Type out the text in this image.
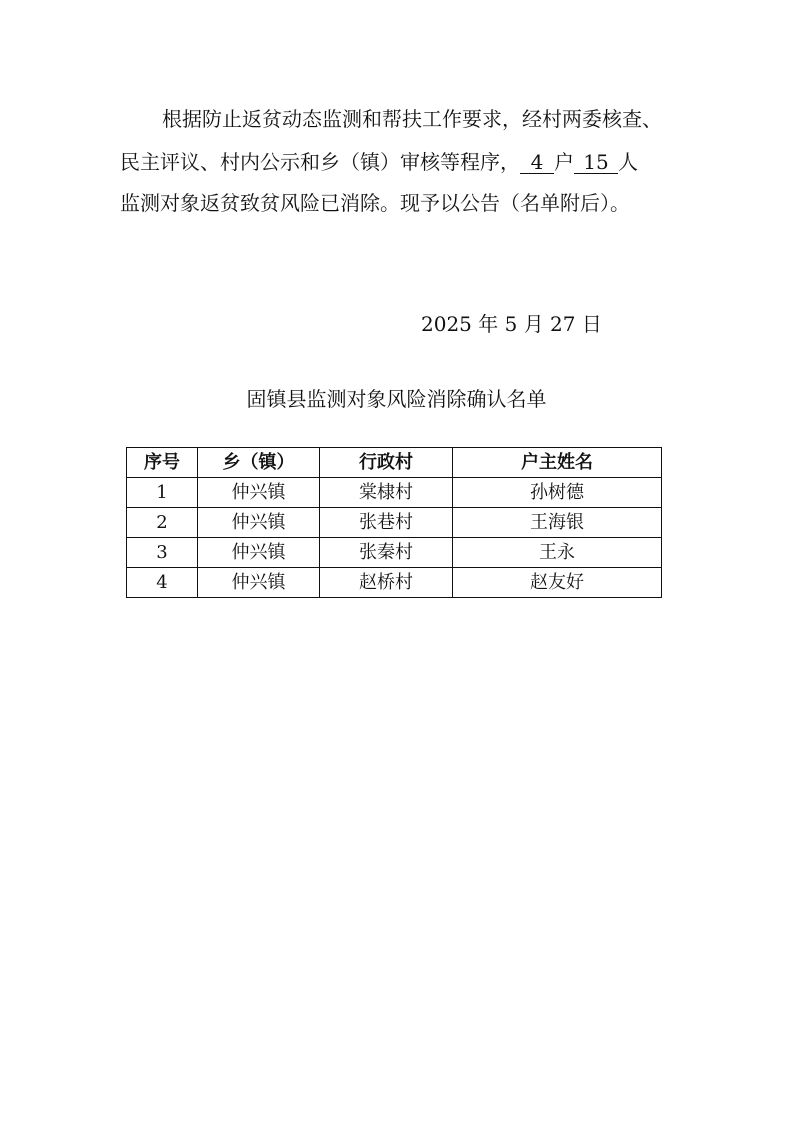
根据防止返贫动态监测和帮扶工作要求，经村两委核查、
民主评议、村内公示和乡（镇）审核等程序， 4 户 15 人
监测对象返贫致贫风险已消除。现予以公告（名单附后）。
2025 年 5 月 27 日
固镇县监测对象风险消除确认名单
序号	乡（镇）	行政村	户主姓名
1	仲兴镇	棠棣村	孙树德
2	仲兴镇	张巷村	王海银
3	仲兴镇	张秦村	王永
4	仲兴镇	赵桥村	赵友好
